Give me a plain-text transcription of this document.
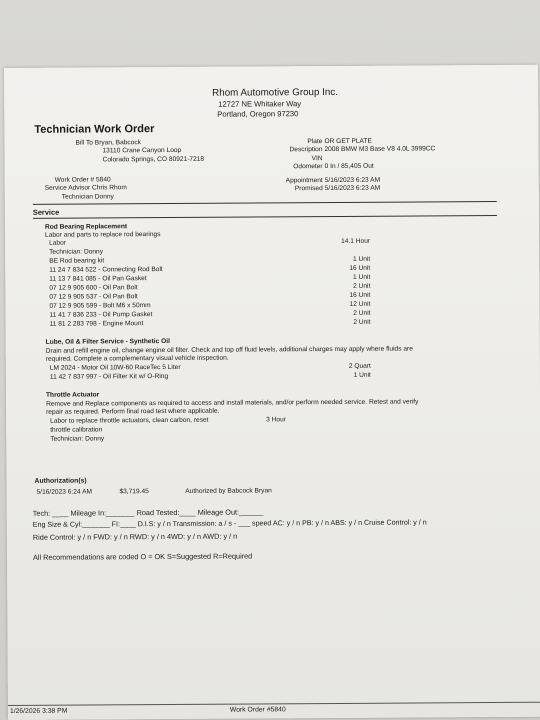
Rhom Automotive Group Inc.
12727 NE Whitaker Way
Portland, Oregon 97230
Technician Work Order
Bill To Bryan, Babcock
13110 Crane Canyon Loop
Colorado Springs, CO 80921-7218
Plate OR GET PLATE
Description 2008 BMW M3 Base V8 4.0L 3999CC
VIN
Odometer 0 In / 85,405 Out
Work Order # 5840
Service Advisor Chris Rhom
Technician Donny
Appointment 5/16/2023 6:23 AM
Promised 5/16/2023 6:23 AM
Service
Rod Bearing Replacement
Labor and parts to replace rod bearings
Labor	14.1 Hour
Technician: Donny
BE Rod bearing kit	1 Unit
11 24 7 834 522 - Connecting Rod Bolt	16 Unit
11 13 7 841 085 - Oil Pan Gasket	1 Unit
07 12 9 905 600 - Oil Pan Bolt	2 Unit
07 12 9 905 537 - Oil Pan Bolt	16 Unit
07 12 9 905 599 - Bolt M6 x 50mm	12 Unit
11 41 7 836 233 - Oil Pump Gasket	2 Unit
11 81 2 283 798 - Engine Mount	2 Unit
Lube, Oil & Filter Service - Synthetic Oil
Drain and refill engine oil, change engine oil filter. Check and top off fluid levels, additional charges may apply where fluids are
required. Complete a complementary visual vehicle inspection.
LM 2024 - Motor Oil 10W-60 RaceTec 5 Liter	2 Quart
11 42 7 837 997 - Oil Filter Kit w/ O-Ring	1 Unit
Throttle Actuator
Remove and Replace components as required to access and install materials, and/or perform needed service. Retest and verify
repair as required. Perform final road test where applicable.
Labor to replace throttle actuators, clean carbon, reset	3 Hour
throttle calibration
Technician: Donny
Authorization(s)
5/16/2023 6:24 AM	$3,719.45	Authorized by Babcock Bryan
Tech: ____ Mileage In:_______ Road Tested:____ Mileage Out:______
Eng Size & Cyl:_______ FI:____ D.I.S: y / n Transmission: a / s - ___ speed AC: y / n PB: y / n ABS: y / n Cruise Control: y / n
Ride Control: y / n FWD: y / n RWD: y / n 4WD: y / n AWD: y / n
All Recommendations are coded O = OK S=Suggested R=Required
1/26/2026 3:38 PM	Work Order #5840
